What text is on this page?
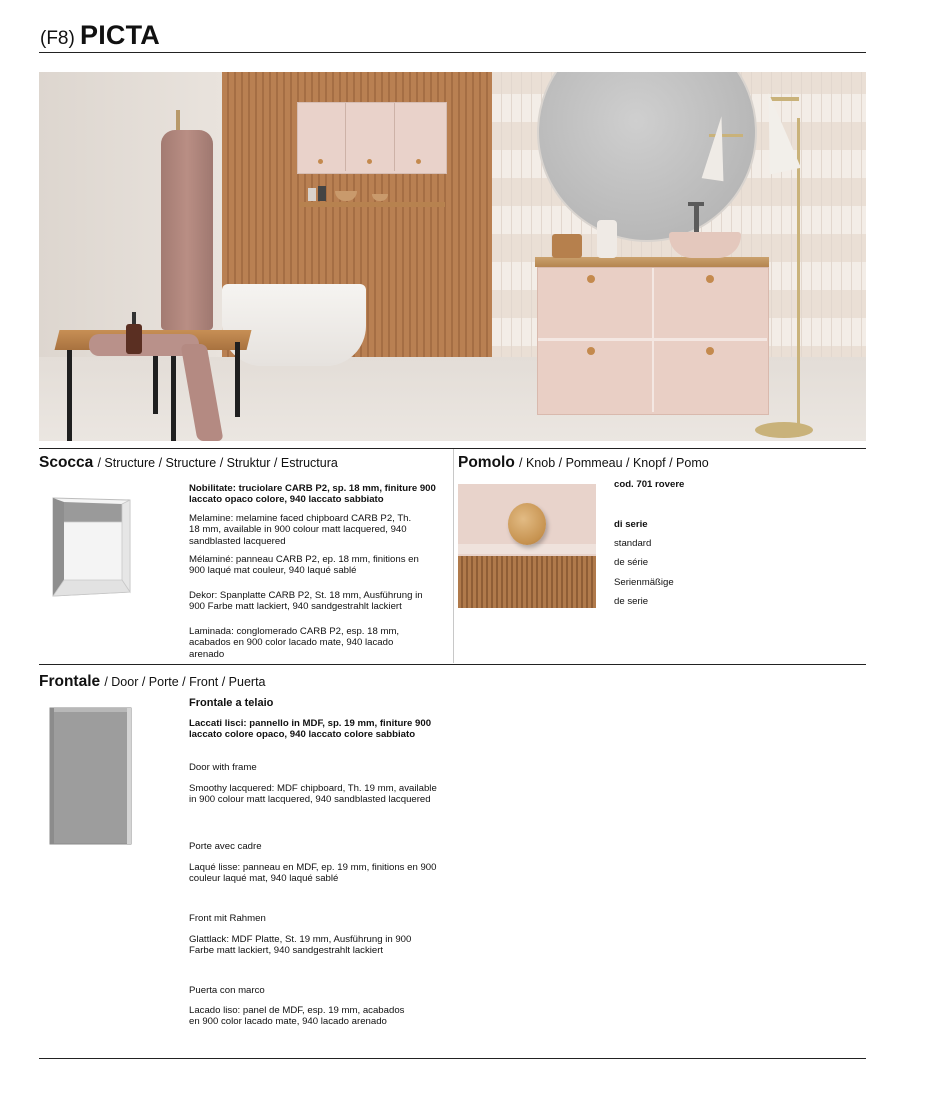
(F8) PICTA
Scocca / Structure / Structure / Struktur / Estructura
Nobilitate: truciolare CARB P2, sp. 18 mm, finiture 900 laccato opaco colore, 940 laccato sabbiato
Melamine: melamine faced chipboard CARB P2, Th. 18 mm, available in 900 colour matt lacquered, 940 sandblasted lacquered
Mélaminé: panneau CARB P2, ep. 18 mm, finitions en 900 laqué mat couleur, 940 laqué sablé
Dekor: Spanplatte CARB P2, St. 18 mm, Ausführung in 900 Farbe matt lackiert, 940 sandgestrahlt lackiert
Laminada: conglomerado CARB P2, esp. 18 mm, acabados en 900 color lacado mate, 940 lacado arenado
Pomolo / Knob / Pommeau / Knopf / Pomo
cod. 701 rovere
di serie
standard
de série
Serienmäßige
de serie
Frontale / Door / Porte / Front / Puerta
Frontale a telaio
Laccati lisci: pannello in MDF, sp. 19 mm, finiture 900 laccato colore opaco, 940 laccato colore sabbiato
Door with frame
Smoothy lacquered: MDF chipboard, Th. 19 mm, available in 900 colour matt lacquered, 940 sandblasted lacquered
Porte avec cadre
Laqué lisse: panneau en MDF, ep. 19 mm, finitions en 900 couleur laqué mat, 940 laqué sablé
Front mit Rahmen
Glattlack: MDF Platte, St. 19 mm, Ausführung in 900 Farbe matt lackiert, 940 sandgestrahlt lackiert
Puerta con marco
Lacado liso: panel de MDF, esp. 19 mm, acabados en 900 color lacado mate, 940 lacado arenado
